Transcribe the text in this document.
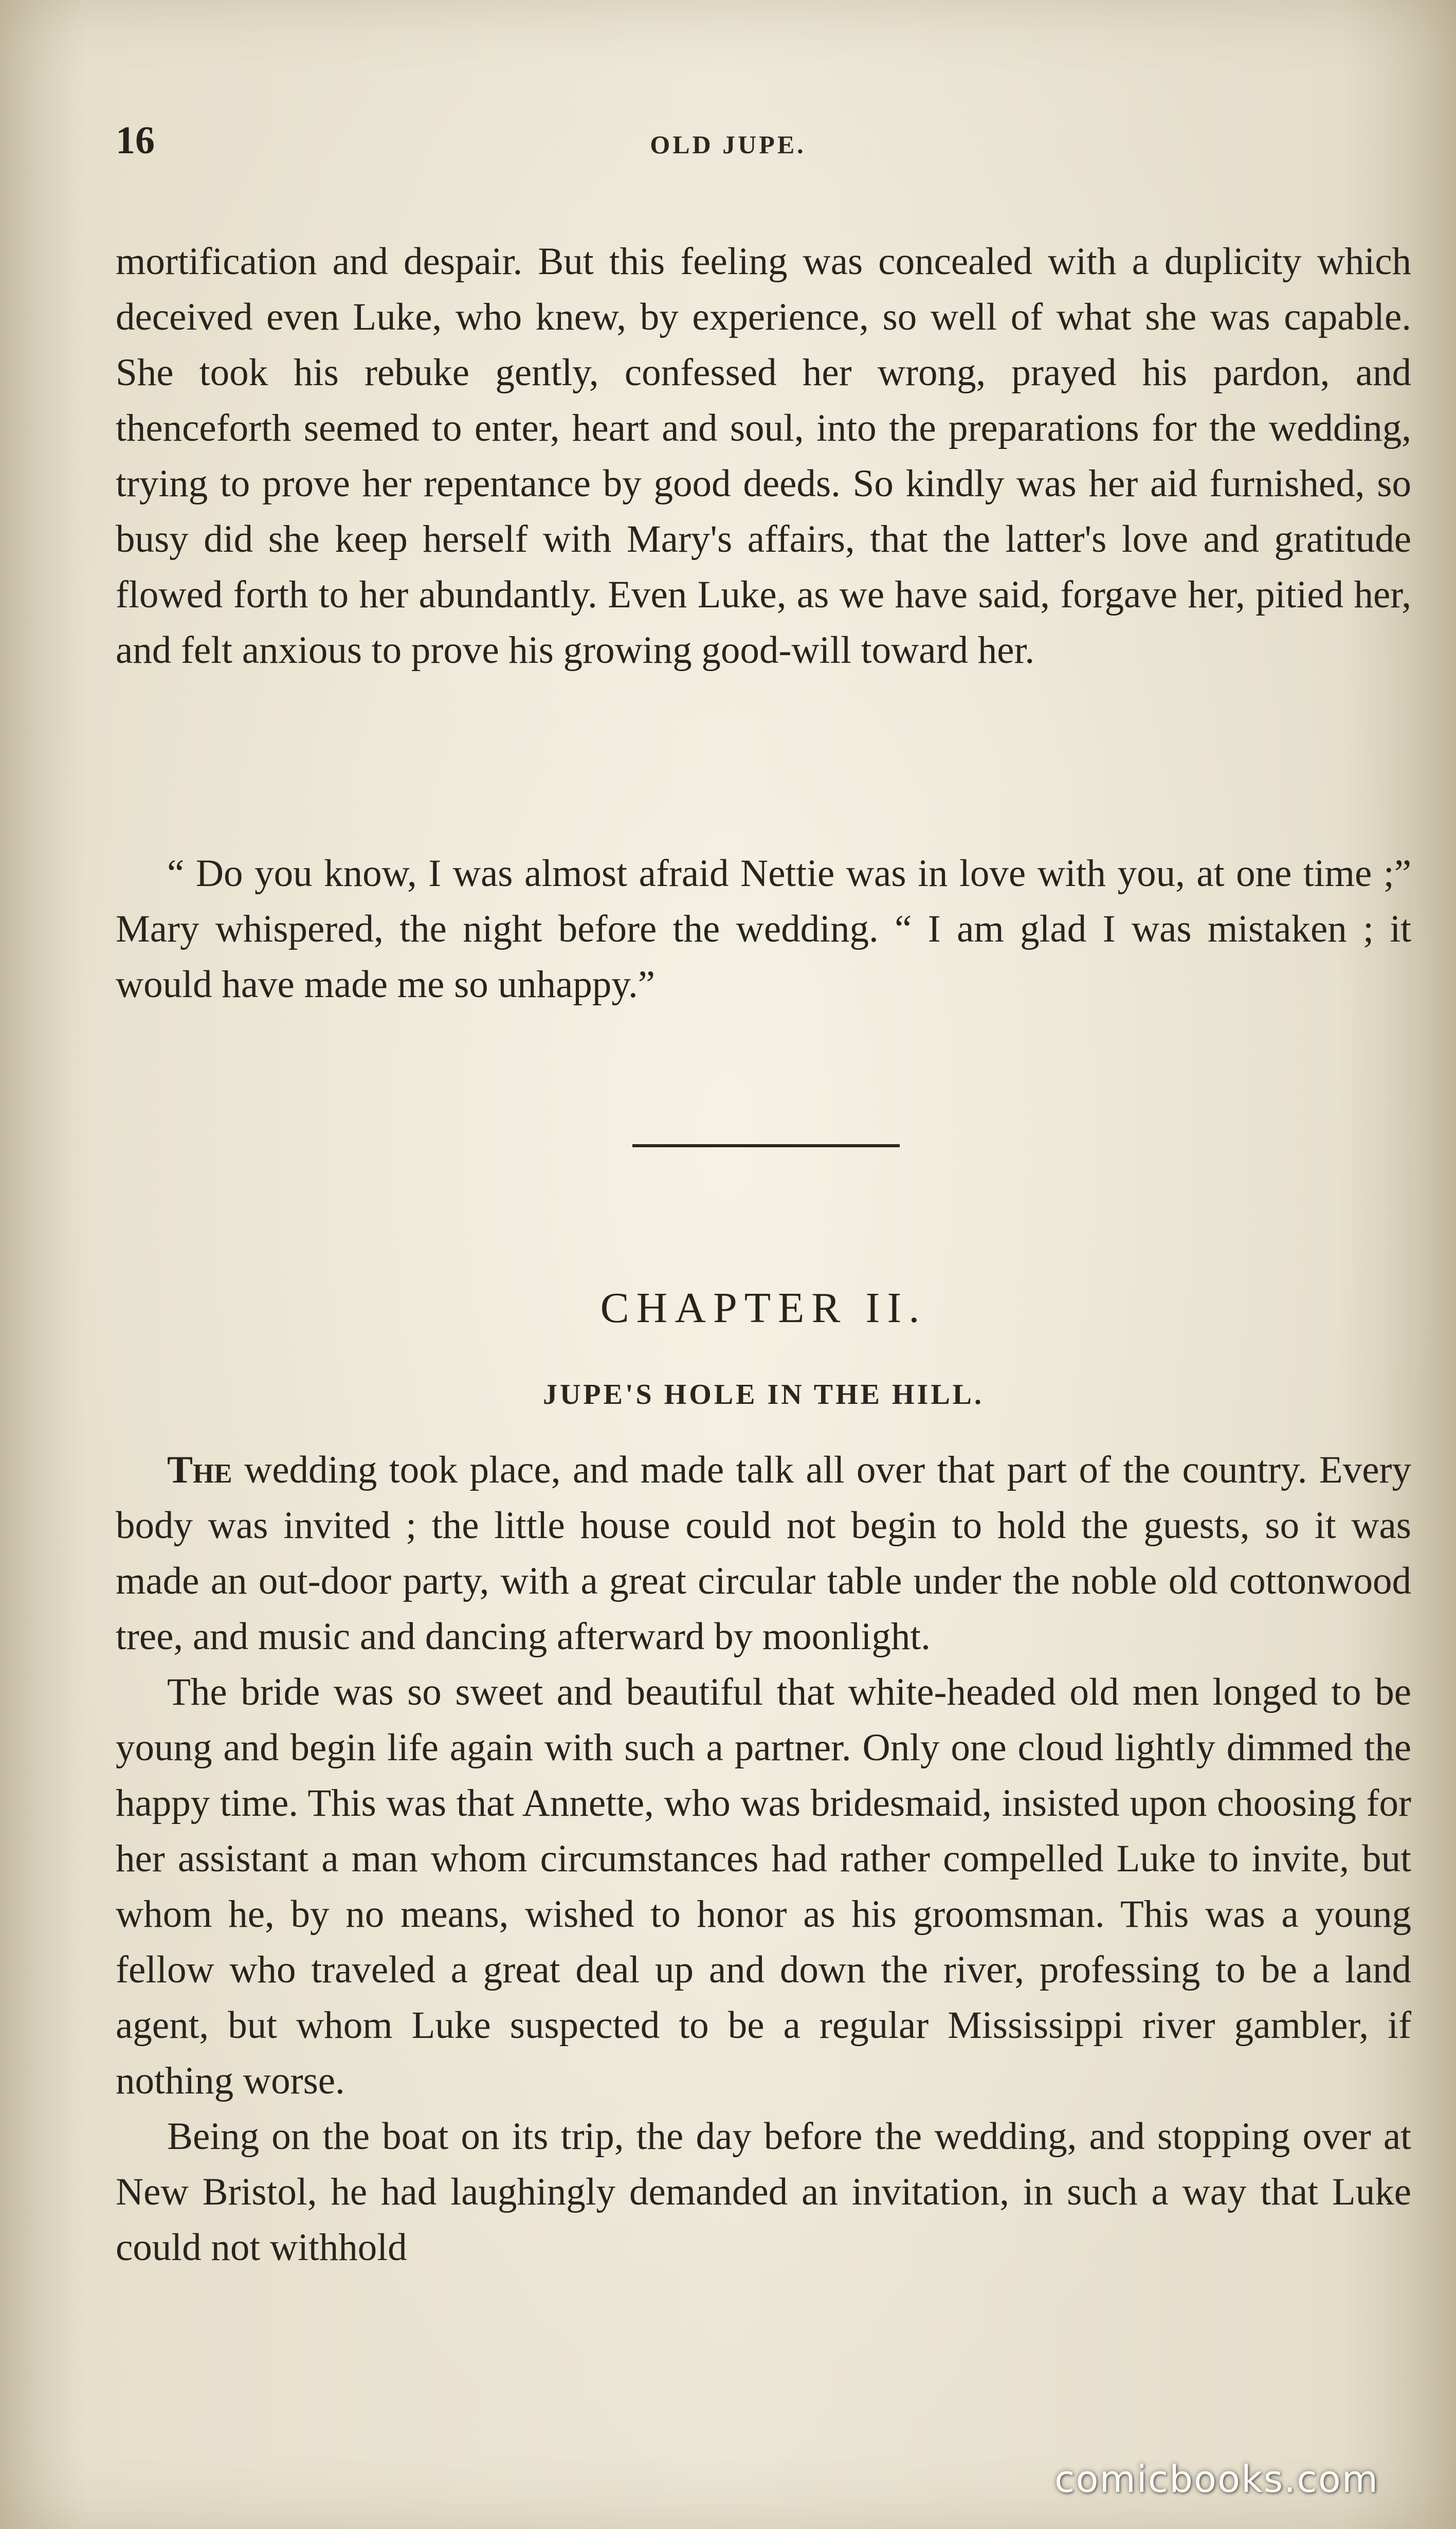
16	OLD JUPE.

mortification and despair. But this feeling was concealed with a duplicity which deceived even Luke, who knew, by experience, so well of what she was capable. She took his rebuke gently, confessed her wrong, prayed his pardon, and thenceforth seemed to enter, heart and soul, into the preparations for the wedding, trying to prove her repentance by good deeds. So kindly was her aid furnished, so busy did she keep herself with Mary's affairs, that the latter's love and gratitude flowed forth to her abundantly. Even Luke, as we have said, forgave her, pitied her, and felt anxious to prove his growing good-will toward her.

“ Do you know, I was almost afraid Nettie was in love with you, at one time ;” Mary whispered, the night before the wedding. “ I am glad I was mistaken ; it would have made me so unhappy.”

CHAPTER II.
JUPE'S HOLE IN THE HILL.

The wedding took place, and made talk all over that part of the country. Every body was invited ; the little house could not begin to hold the guests, so it was made an out-door party, with a great circular table under the noble old cottonwood tree, and music and dancing afterward by moonlight.

The bride was so sweet and beautiful that white-headed old men longed to be young and begin life again with such a partner. Only one cloud lightly dimmed the happy time. This was that Annette, who was bridesmaid, insisted upon choosing for her assistant a man whom circumstances had rather compelled Luke to invite, but whom he, by no means, wished to honor as his groomsman. This was a young fellow who traveled a great deal up and down the river, professing to be a land agent, but whom Luke suspected to be a regular Mississippi river gambler, if nothing worse.

Being on the boat on its trip, the day before the wedding, and stopping over at New Bristol, he had laughingly demanded an invitation, in such a way that Luke could not withhold

comicbooks.com
